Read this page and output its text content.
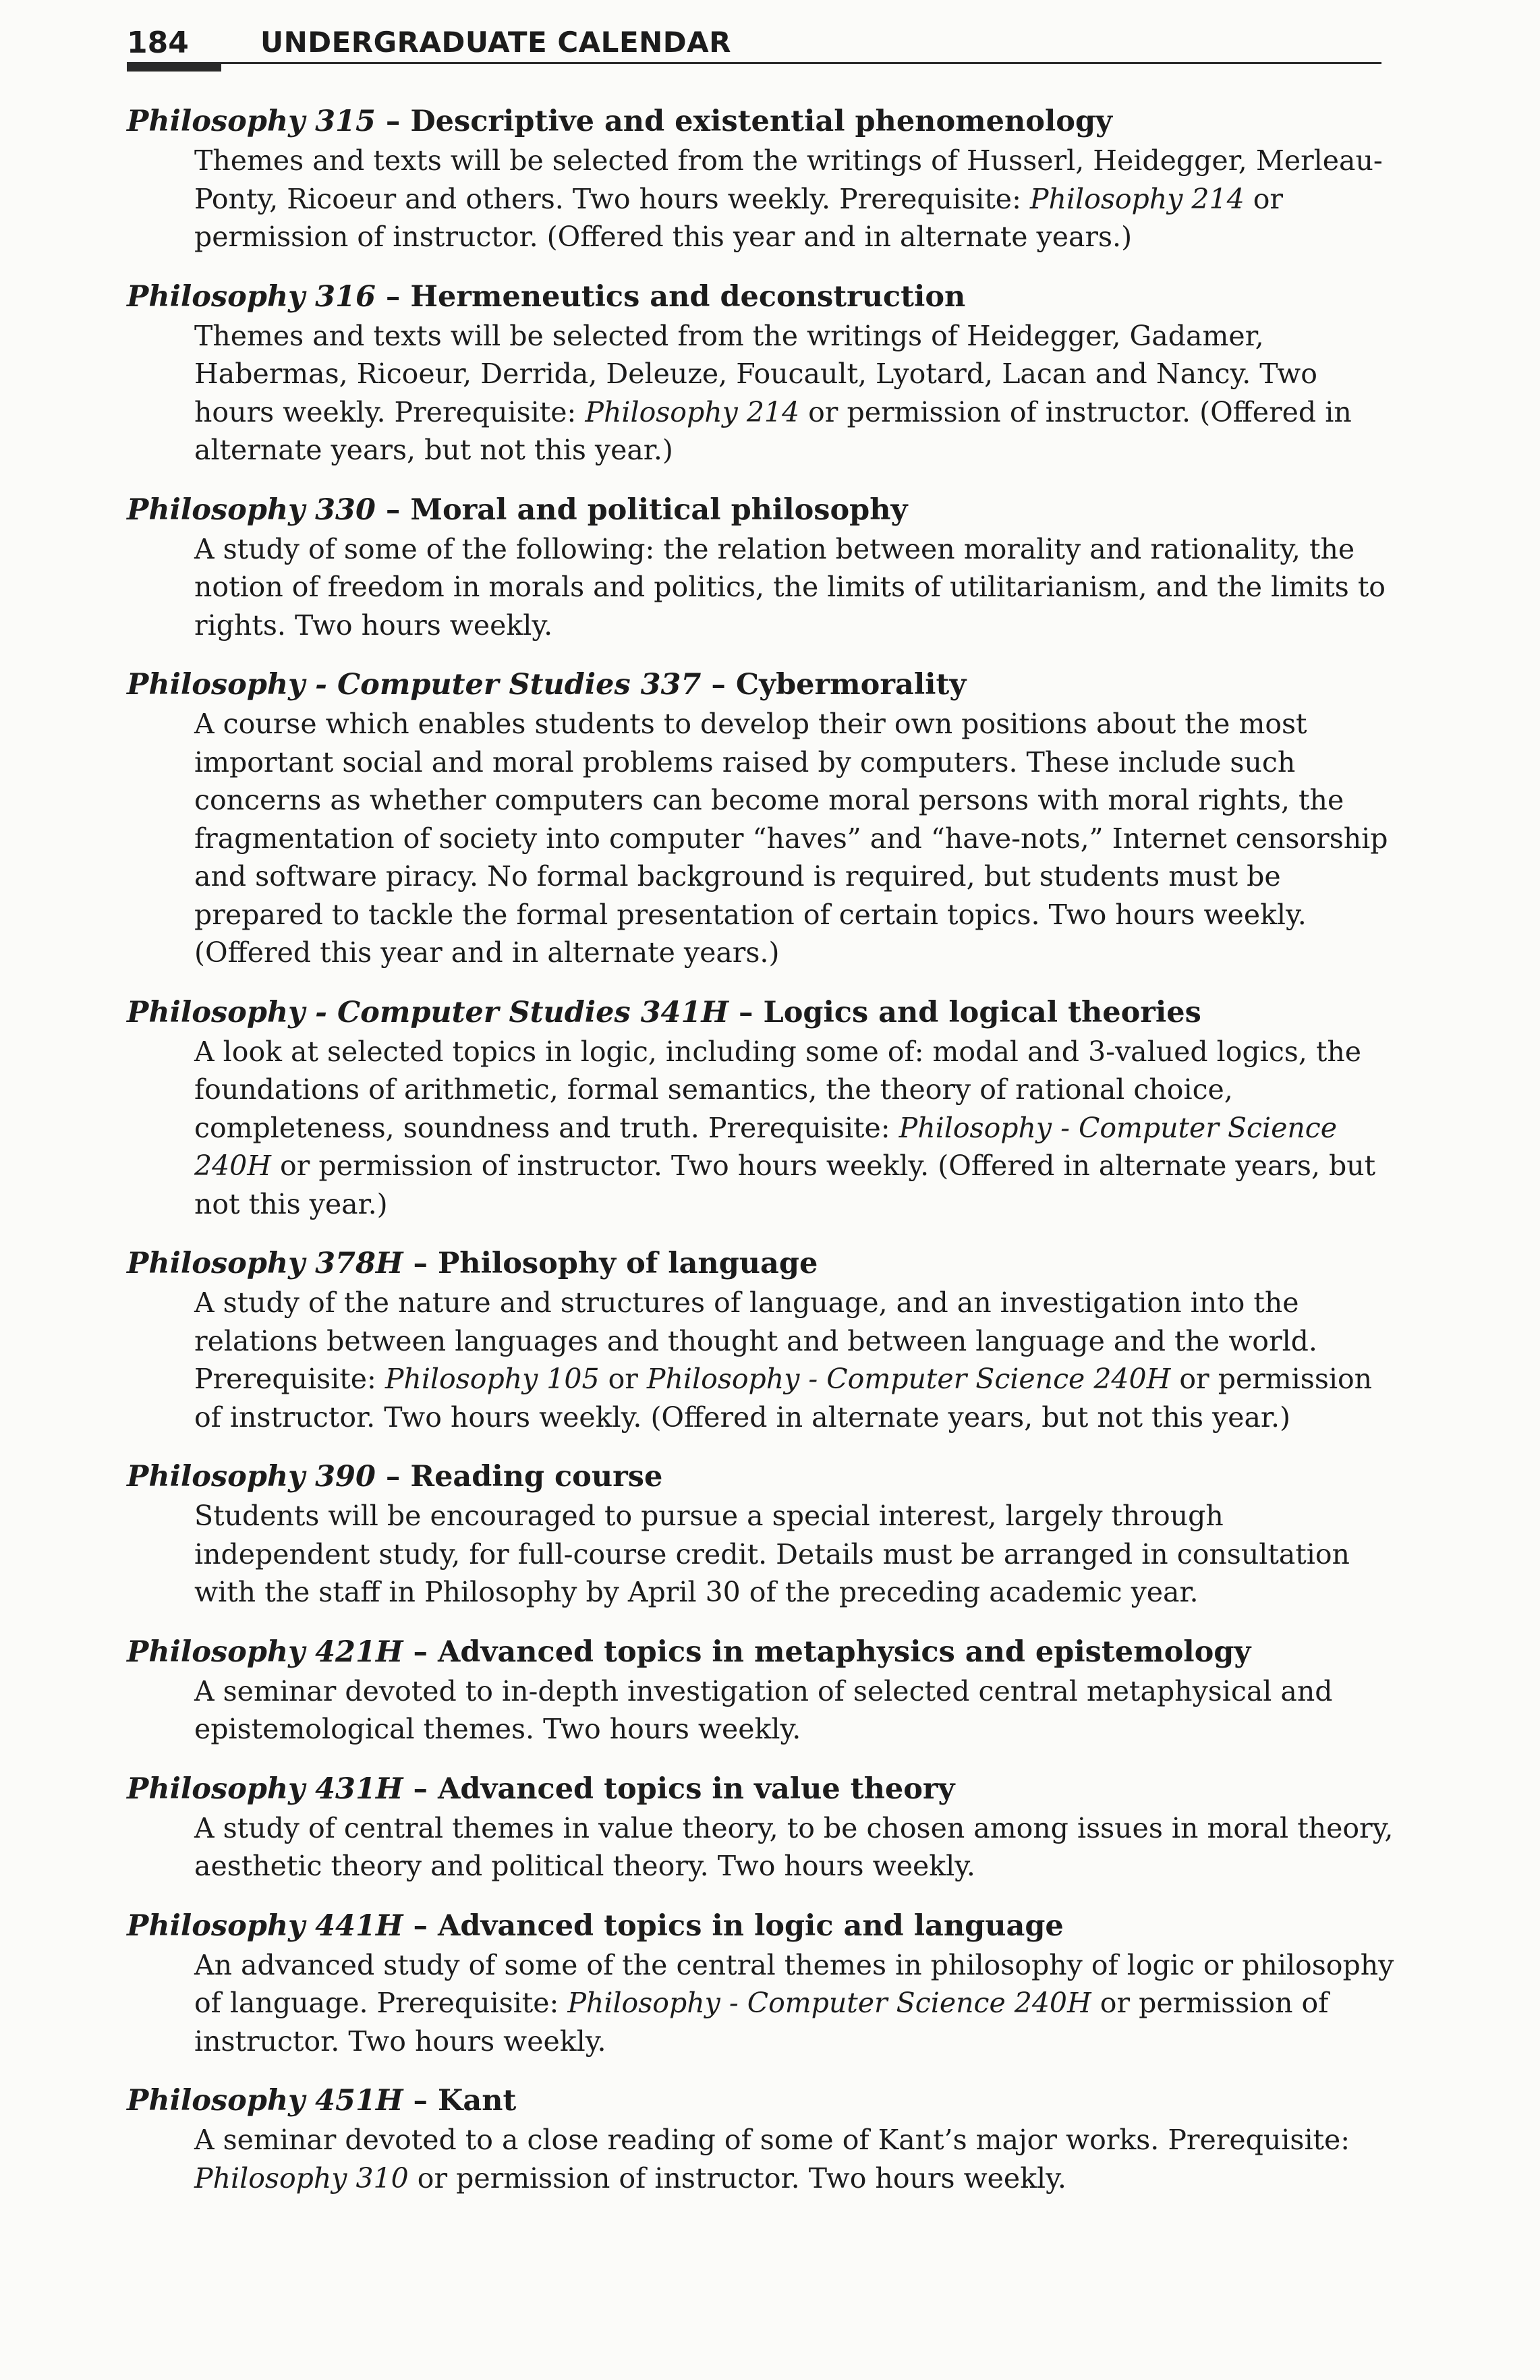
184	UNDERGRADUATE CALENDAR
Philosophy 315 – Descriptive and existential phenomenology
Themes and texts will be selected from the writings of Husserl, Heidegger, Merleau-Ponty, Ricoeur and others. Two hours weekly. Prerequisite: Philosophy 214 or permission of instructor. (Offered this year and in alternate years.)
Philosophy 316 – Hermeneutics and deconstruction
Themes and texts will be selected from the writings of Heidegger, Gadamer, Habermas, Ricoeur, Derrida, Deleuze, Foucault, Lyotard, Lacan and Nancy. Two hours weekly. Prerequisite: Philosophy 214 or permission of instructor. (Offered in alternate years, but not this year.)
Philosophy 330 – Moral and political philosophy
A study of some of the following: the relation between morality and rationality, the notion of freedom in morals and politics, the limits of utilitarianism, and the limits to rights. Two hours weekly.
Philosophy - Computer Studies 337 – Cybermorality
A course which enables students to develop their own positions about the most important social and moral problems raised by computers. These include such concerns as whether computers can become moral persons with moral rights, the fragmentation of society into computer “haves” and “have-nots,” Internet censorship and software piracy. No formal background is required, but students must be prepared to tackle the formal presentation of certain topics. Two hours weekly. (Offered this year and in alternate years.)
Philosophy - Computer Studies 341H – Logics and logical theories
A look at selected topics in logic, including some of: modal and 3-valued logics, the foundations of arithmetic, formal semantics, the theory of rational choice, completeness, soundness and truth. Prerequisite: Philosophy - Computer Science 240H or permission of instructor. Two hours weekly. (Offered in alternate years, but not this year.)
Philosophy 378H – Philosophy of language
A study of the nature and structures of language, and an investigation into the relations between languages and thought and between language and the world. Prerequisite: Philosophy 105 or Philosophy - Computer Science 240H or permission of instructor. Two hours weekly. (Offered in alternate years, but not this year.)
Philosophy 390 – Reading course
Students will be encouraged to pursue a special interest, largely through independent study, for full-course credit. Details must be arranged in consultation with the staff in Philosophy by April 30 of the preceding academic year.
Philosophy 421H – Advanced topics in metaphysics and epistemology
A seminar devoted to in-depth investigation of selected central metaphysical and epistemological themes. Two hours weekly.
Philosophy 431H – Advanced topics in value theory
A study of central themes in value theory, to be chosen among issues in moral theory, aesthetic theory and political theory. Two hours weekly.
Philosophy 441H – Advanced topics in logic and language
An advanced study of some of the central themes in philosophy of logic or philosophy of language. Prerequisite: Philosophy - Computer Science 240H or permission of instructor. Two hours weekly.
Philosophy 451H – Kant
A seminar devoted to a close reading of some of Kant’s major works. Prerequisite: Philosophy 310 or permission of instructor. Two hours weekly.
